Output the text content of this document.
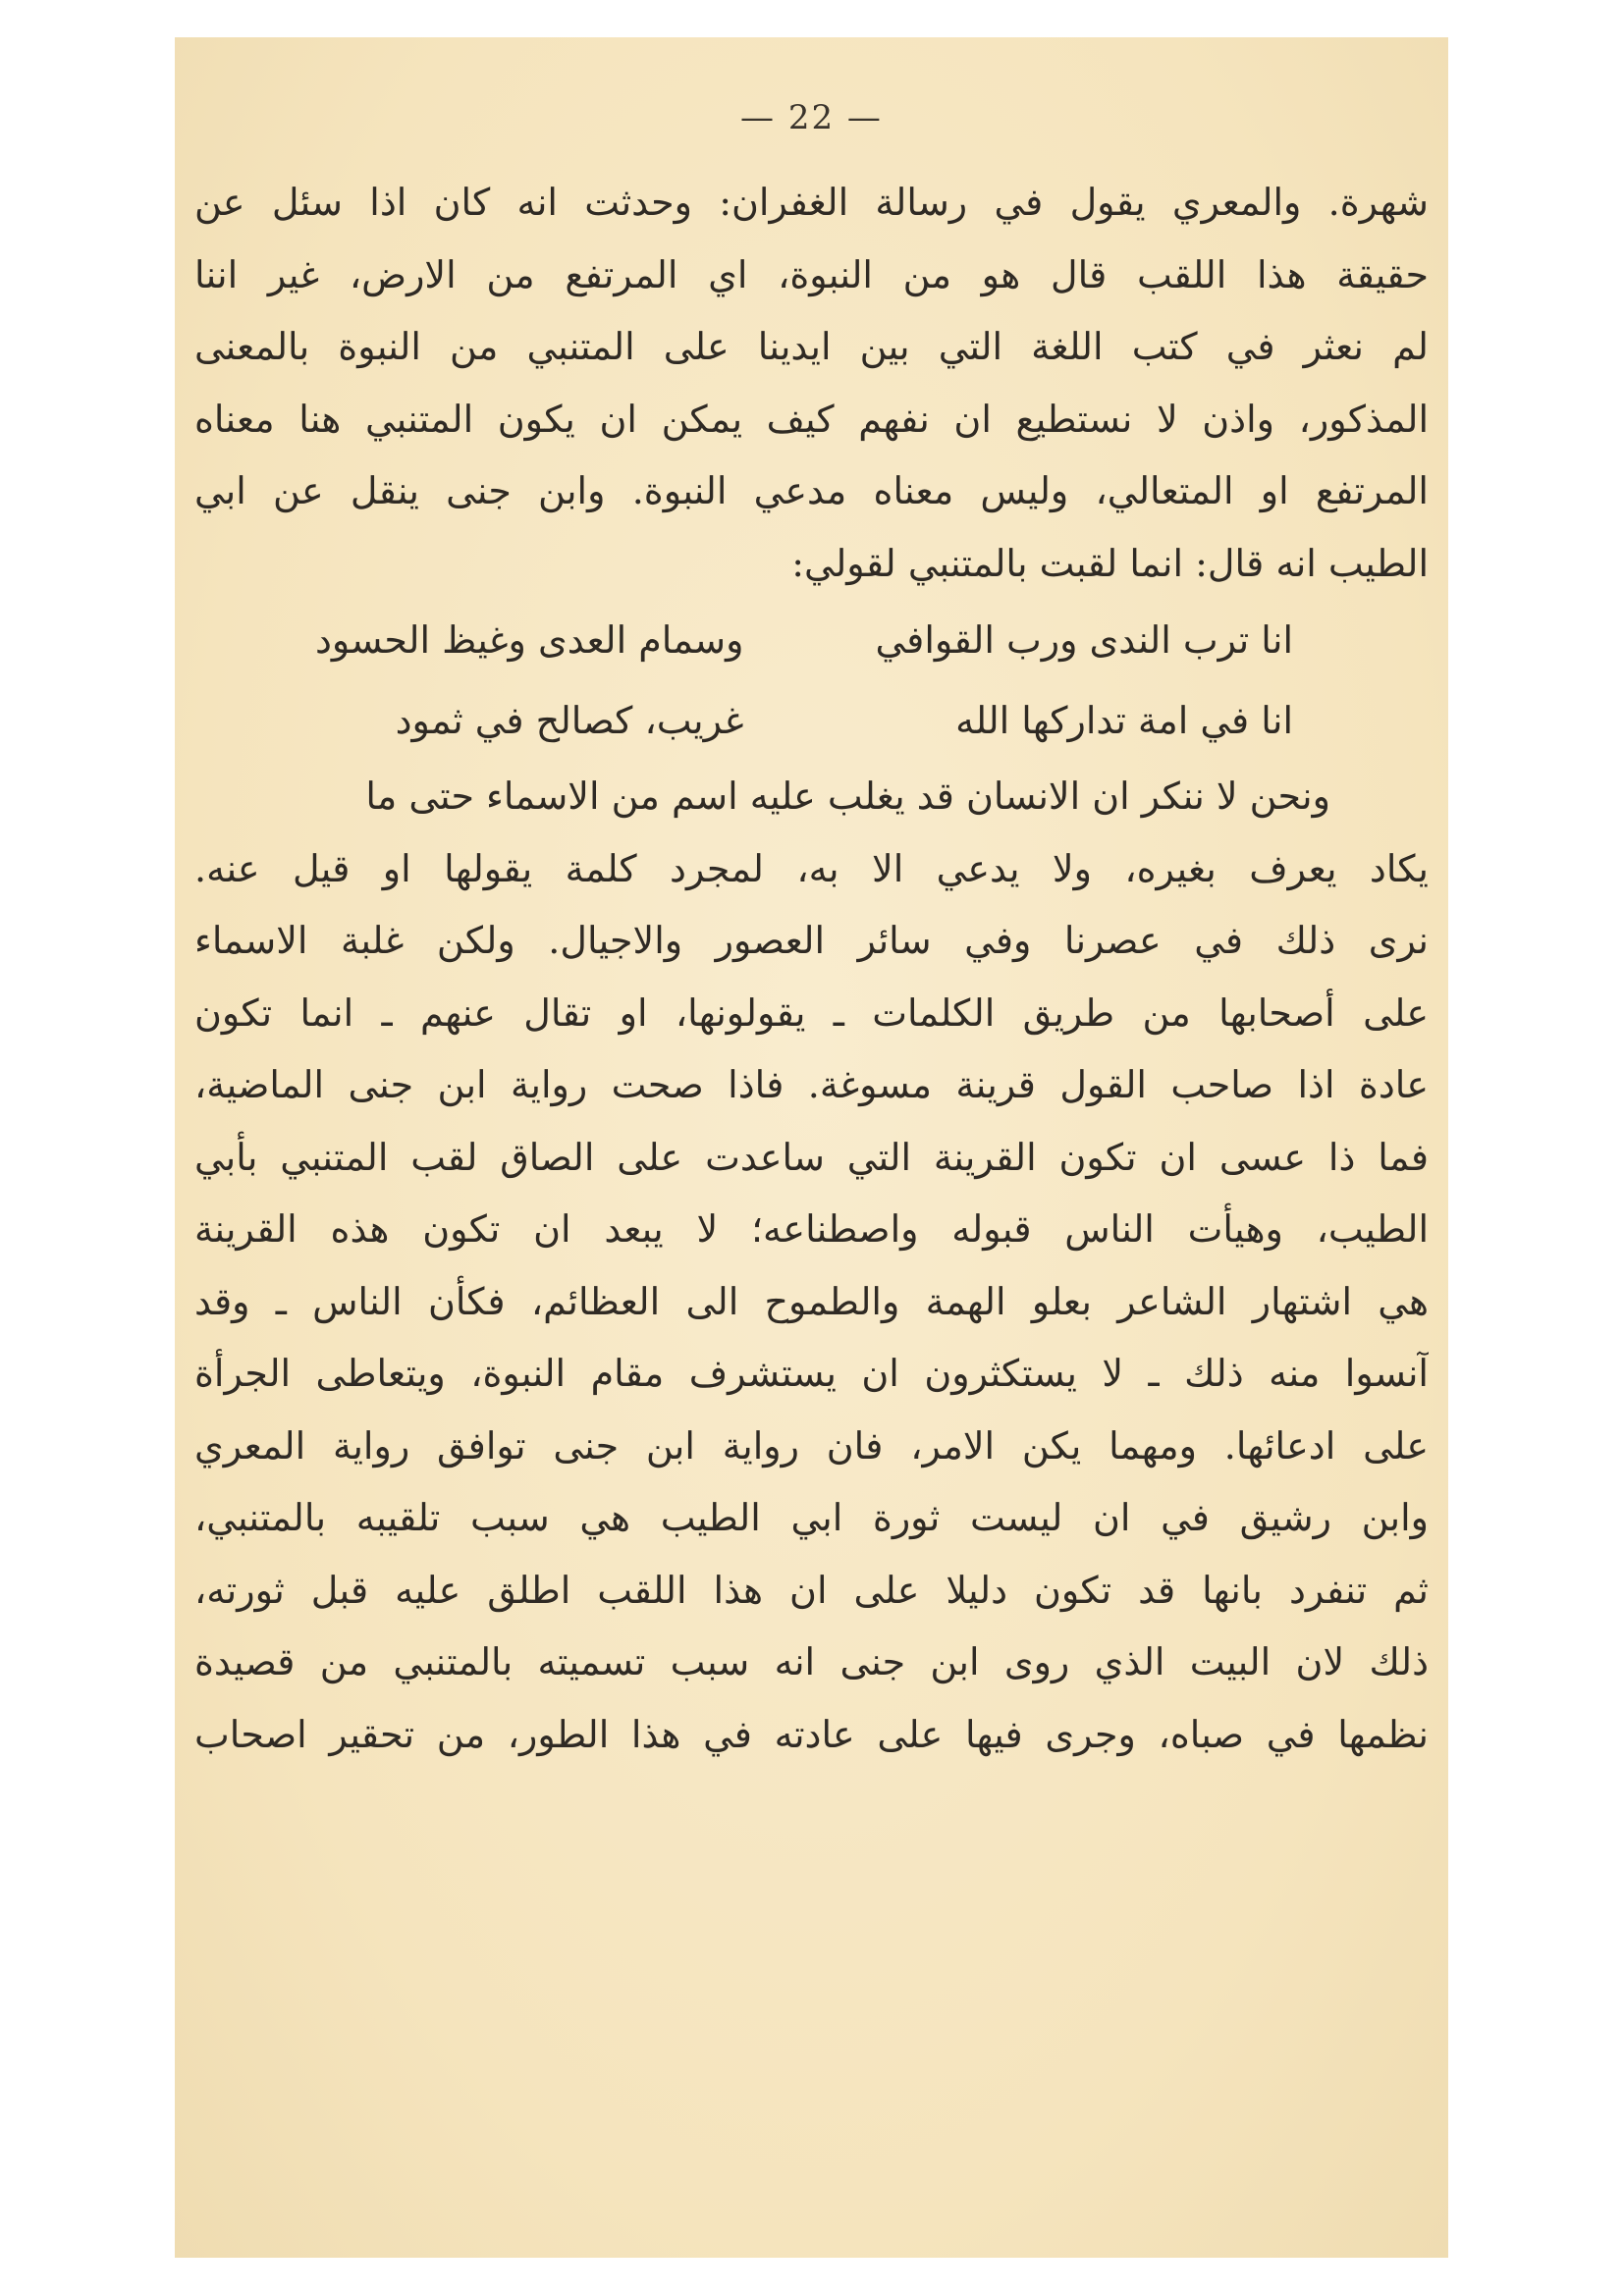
— 22 —
شهرة. والمعري يقول في رسالة الغفران: وحدثت انه كان اذا سئل عن
حقيقة هذا اللقب قال هو من النبوة، اي المرتفع من الارض، غير اننا
لم نعثر في كتب اللغة التي بين ايدينا على المتنبي من النبوة بالمعنى
المذكور، واذن لا نستطيع ان نفهم كيف يمكن ان يكون المتنبي هنا معناه
المرتفع او المتعالي، وليس معناه مدعي النبوة. وابن جنى ينقل عن ابي
الطيب انه قال: انما لقبت بالمتنبي لقولي:
انا ترب الندى ورب القوافي
وسمام العدى وغيظ الحسود
انا في امة تداركها الله
غريب، كصالح في ثمود
ونحن لا ننكر ان الانسان قد يغلب عليه اسم من الاسماء حتى ما
يكاد يعرف بغيره، ولا يدعي الا به، لمجرد كلمة يقولها او قيل عنه.
نرى ذلك في عصرنا وفي سائر العصور والاجيال. ولكن غلبة الاسماء
على أصحابها من طريق الكلمات ـ يقولونها، او تقال عنهم ـ انما تكون
عادة اذا صاحب القول قرينة مسوغة. فاذا صحت رواية ابن جنى الماضية،
فما ذا عسى ان تكون القرينة التي ساعدت على الصاق لقب المتنبي بأبي
الطيب، وهيأت الناس قبوله واصطناعه؛ لا يبعد ان تكون هذه القرينة
هي اشتهار الشاعر بعلو الهمة والطموح الى العظائم، فكأن الناس ـ وقد
آنسوا منه ذلك ـ لا يستكثرون ان يستشرف مقام النبوة، ويتعاطى الجرأة
على ادعائها. ومهما يكن الامر، فان رواية ابن جنى توافق رواية المعري
وابن رشيق في ان ليست ثورة ابي الطيب هي سبب تلقيبه بالمتنبي،
ثم تنفرد بانها قد تكون دليلا على ان هذا اللقب اطلق عليه قبل ثورته،
ذلك لان البيت الذي روى ابن جنى انه سبب تسميته بالمتنبي من قصيدة
نظمها في صباه، وجرى فيها على عادته في هذا الطور، من تحقير اصحاب
